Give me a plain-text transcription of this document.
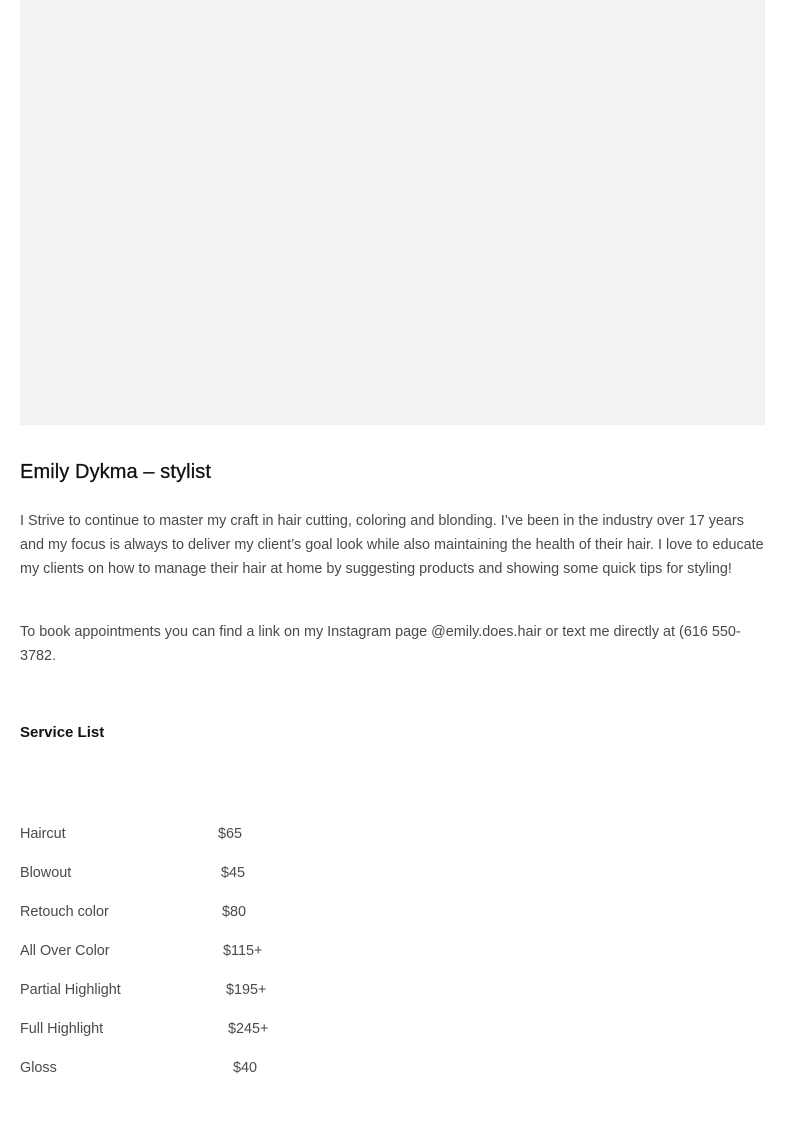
Emily Dykma – stylist

I Strive to continue to master my craft in hair cutting, coloring and blonding. I’ve been in the industry over 17 years and my focus is always to deliver my client’s goal look while also maintaining the health of their hair. I love to educate my clients on how to manage their hair at home by suggesting products and showing some quick tips for styling!

To book appointments you can find a link on my Instagram page @emily.does.hair or text me directly at (616 550-3782.

Service List
Haircut	$65
Blowout	$45
Retouch color	$80
All Over Color	$115+
Partial Highlight	$195+
Full Highlight	$245+
Gloss	$40
